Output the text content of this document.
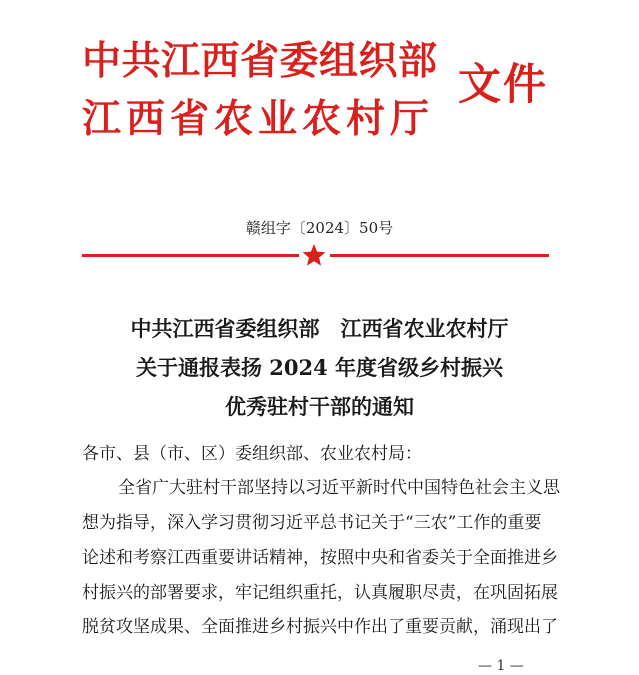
中共江西省委组织部
江西省农业农村厅
文件
赣组字〔2024〕50号
中共江西省委组织部　江西省农业农村厅
关于通报表扬 2024 年度省级乡村振兴
优秀驻村干部的通知
各市、县（市、区）委组织部、农业农村局：
全省广大驻村干部坚持以习近平新时代中国特色社会主义思
想为指导，深入学习贯彻习近平总书记关于“三农”工作的重要
论述和考察江西重要讲话精神，按照中央和省委关于全面推进乡
村振兴的部署要求，牢记组织重托，认真履职尽责，在巩固拓展
脱贫攻坚成果、全面推进乡村振兴中作出了重要贡献，涌现出了
— 1 —
